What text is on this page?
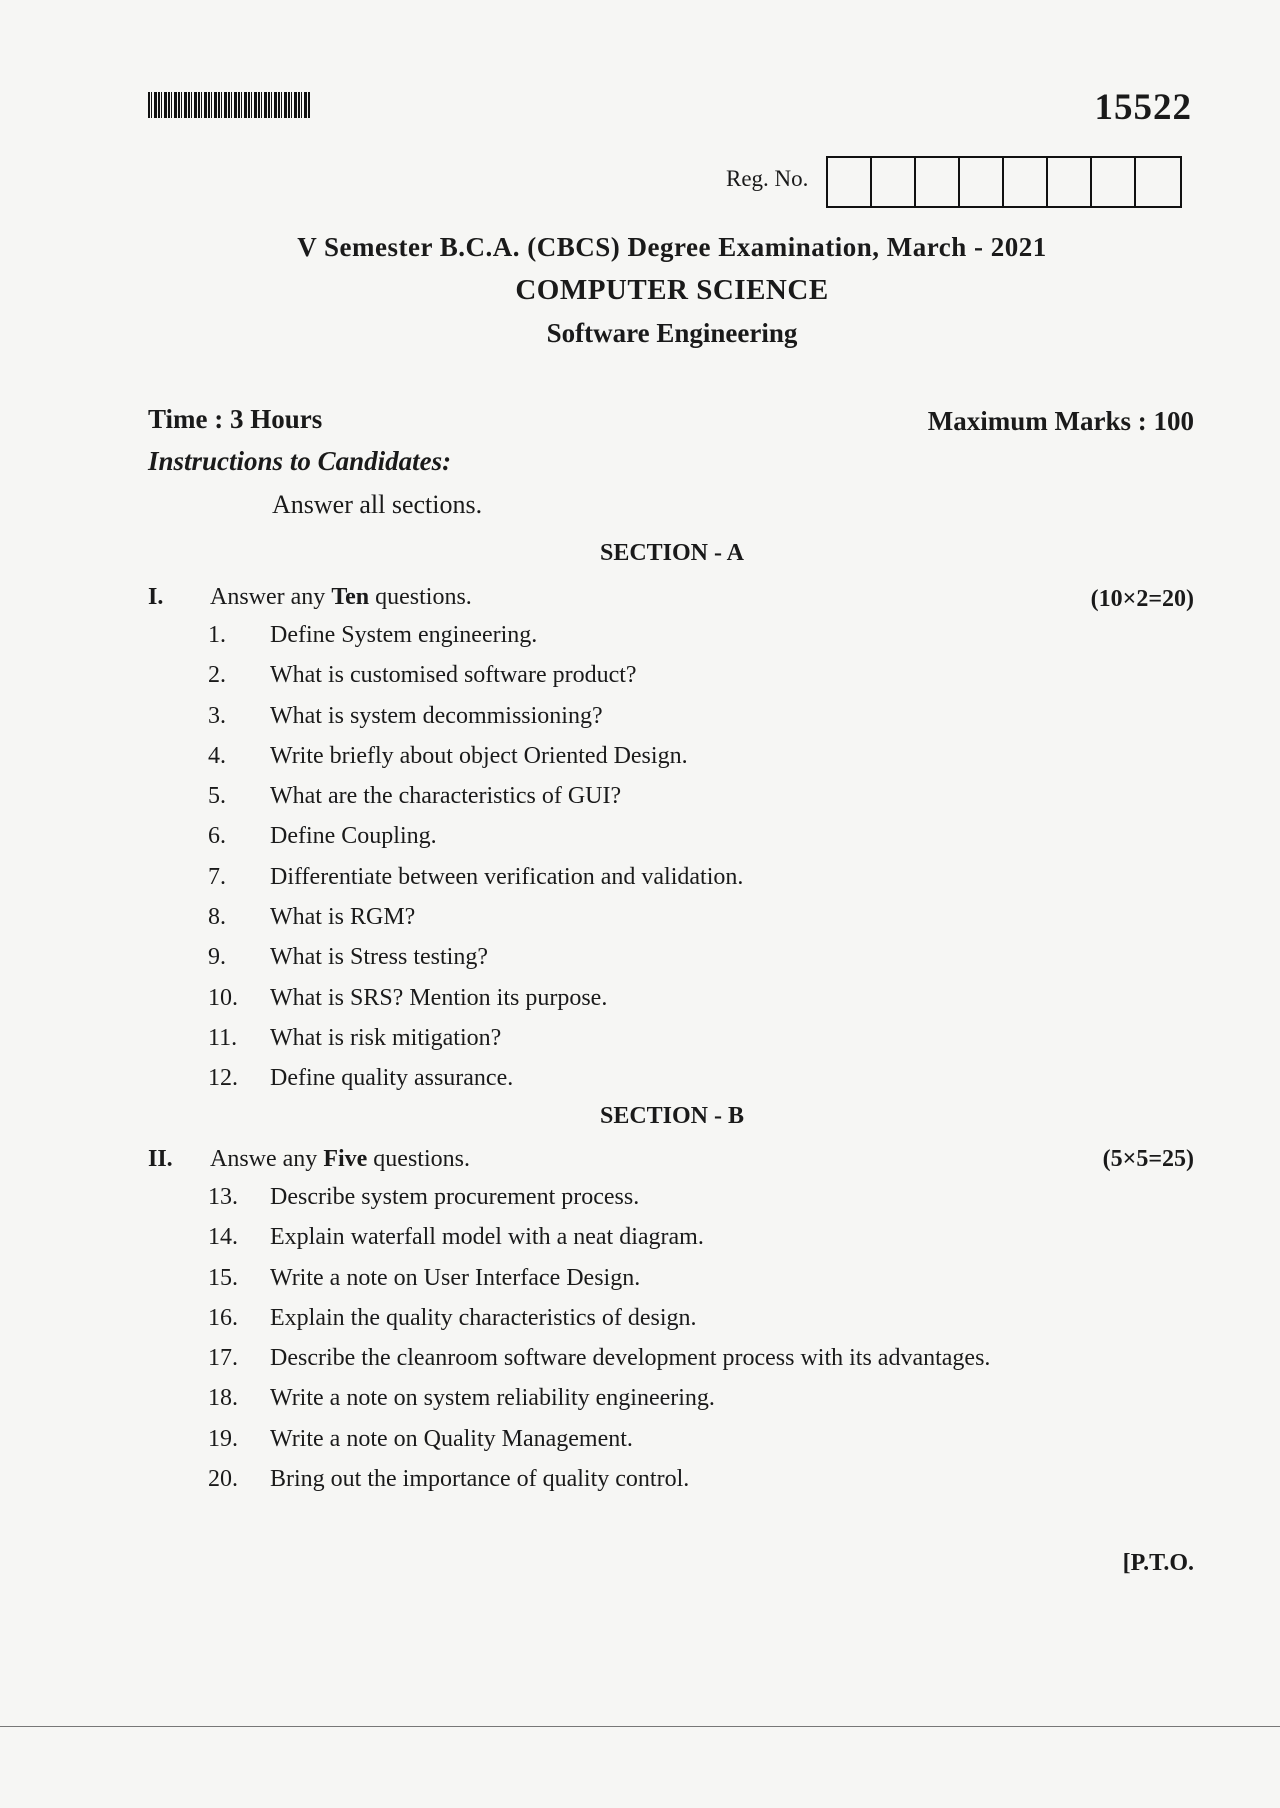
15522
Reg. No.
V Semester B.C.A. (CBCS) Degree Examination, March - 2021
COMPUTER SCIENCE
Software Engineering
Time : 3 Hours	Maximum Marks : 100
Instructions to Candidates:
Answer all sections.
SECTION - A
I. Answer any Ten questions.	(10×2=20)
1.	Define System engineering.
2.	What is customised software product?
3.	What is system decommissioning?
4.	Write briefly about object Oriented Design.
5.	What are the characteristics of GUI?
6.	Define Coupling.
7.	Differentiate between verification and validation.
8.	What is RGM?
9.	What is Stress testing?
10.	What is SRS? Mention its purpose.
11.	What is risk mitigation?
12.	Define quality assurance.
SECTION - B
II. Answe any Five questions.	(5×5=25)
13.	Describe system procurement process.
14.	Explain waterfall model with a neat diagram.
15.	Write a note on User Interface Design.
16.	Explain the quality characteristics of design.
17.	Describe the cleanroom software development process with its advantages.
18.	Write a note on system reliability engineering.
19.	Write a note on Quality Management.
20.	Bring out the importance of quality control.
[P.T.O.
